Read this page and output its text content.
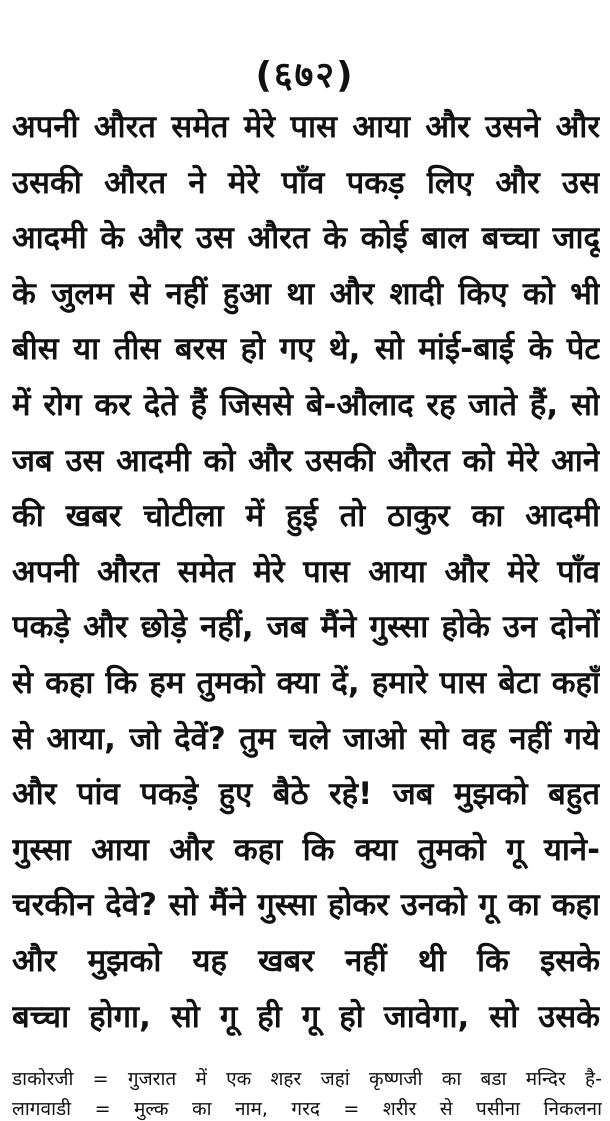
(६७२)
अपनी औरत समेत मेरे पास आया और उसने और
उसकी औरत ने मेरे पाँव पकड़ लिए और उस
आदमी के और उस औरत के कोई बाल बच्चा जादू
के जुलम से नहीं हुआ था और शादी किए को भी
बीस या तीस बरस हो गए थे, सो मांई-बाई के पेट
में रोग कर देते हैं जिससे बे-औलाद रह जाते हैं, सो
जब उस आदमी को और उसकी औरत को मेरे आने
की खबर चोटीला में हुई तो ठाकुर का आदमी
अपनी औरत समेत मेरे पास आया और मेरे पाँव
पकड़े और छोड़े नहीं, जब मैंने गुस्सा होके उन दोनों
से कहा कि हम तुमको क्या दें, हमारे पास बेटा कहाँ
से आया, जो देवें? तुम चले जाओ सो वह नहीं गये
और पांव पकड़े हुए बैठे रहे! जब मुझको बहुत
गुस्सा आया और कहा कि क्या तुमको गू याने-
चरकीन देवे? सो मैंने गुस्सा होकर उनको गू का कहा
और मुझको यह खबर नहीं थी कि इसके
बच्चा होगा, सो गू ही गू हो जावेगा, सो उसके
डाकोरजी = गुजरात में एक शहर जहां कृष्णजी का बडा मन्दिर है-
लागवाडी = मुल्क का नाम, गरद = शरीर से पसीना निकलना
